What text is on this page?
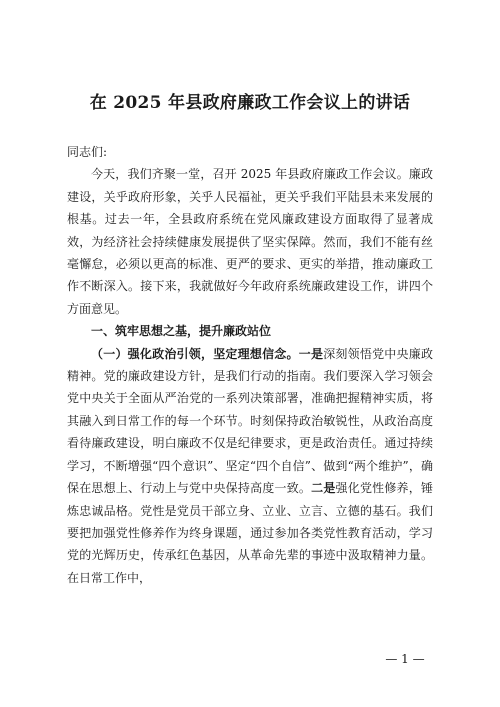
在 2025 年县政府廉政工作会议上的讲话

同志们:

今天，我们齐聚一堂，召开 2025 年县政府廉政工作会议。廉政建设，关乎政府形象，关乎人民福祉，更关乎我们平陆县未来发展的根基。过去一年，全县政府系统在党风廉政建设方面取得了显著成效，为经济社会持续健康发展提供了坚实保障。然而，我们不能有丝毫懈怠，必须以更高的标准、更严的要求、更实的举措，推动廉政工作不断深入。接下来，我就做好今年政府系统廉政建设工作，讲四个方面意见。

一、筑牢思想之基，提升廉政站位

（一）强化政治引领，坚定理想信念。一是深刻领悟党中央廉政精神。党的廉政建设方针，是我们行动的指南。我们要深入学习领会党中央关于全面从严治党的一系列决策部署，准确把握精神实质，将其融入到日常工作的每一个环节。时刻保持政治敏锐性，从政治高度看待廉政建设，明白廉政不仅是纪律要求，更是政治责任。通过持续学习，不断增强“四个意识”、坚定“四个自信”、做到“两个维护”，确保在思想上、行动上与党中央保持高度一致。二是强化党性修养，锤炼忠诚品格。党性是党员干部立身、立业、立言、立德的基石。我们要把加强党性修养作为终身课题，通过参加各类党性教育活动，学习党的光辉历史，传承红色基因，从革命先辈的事迹中汲取精神力量。在日常工作中，

— 1 —
